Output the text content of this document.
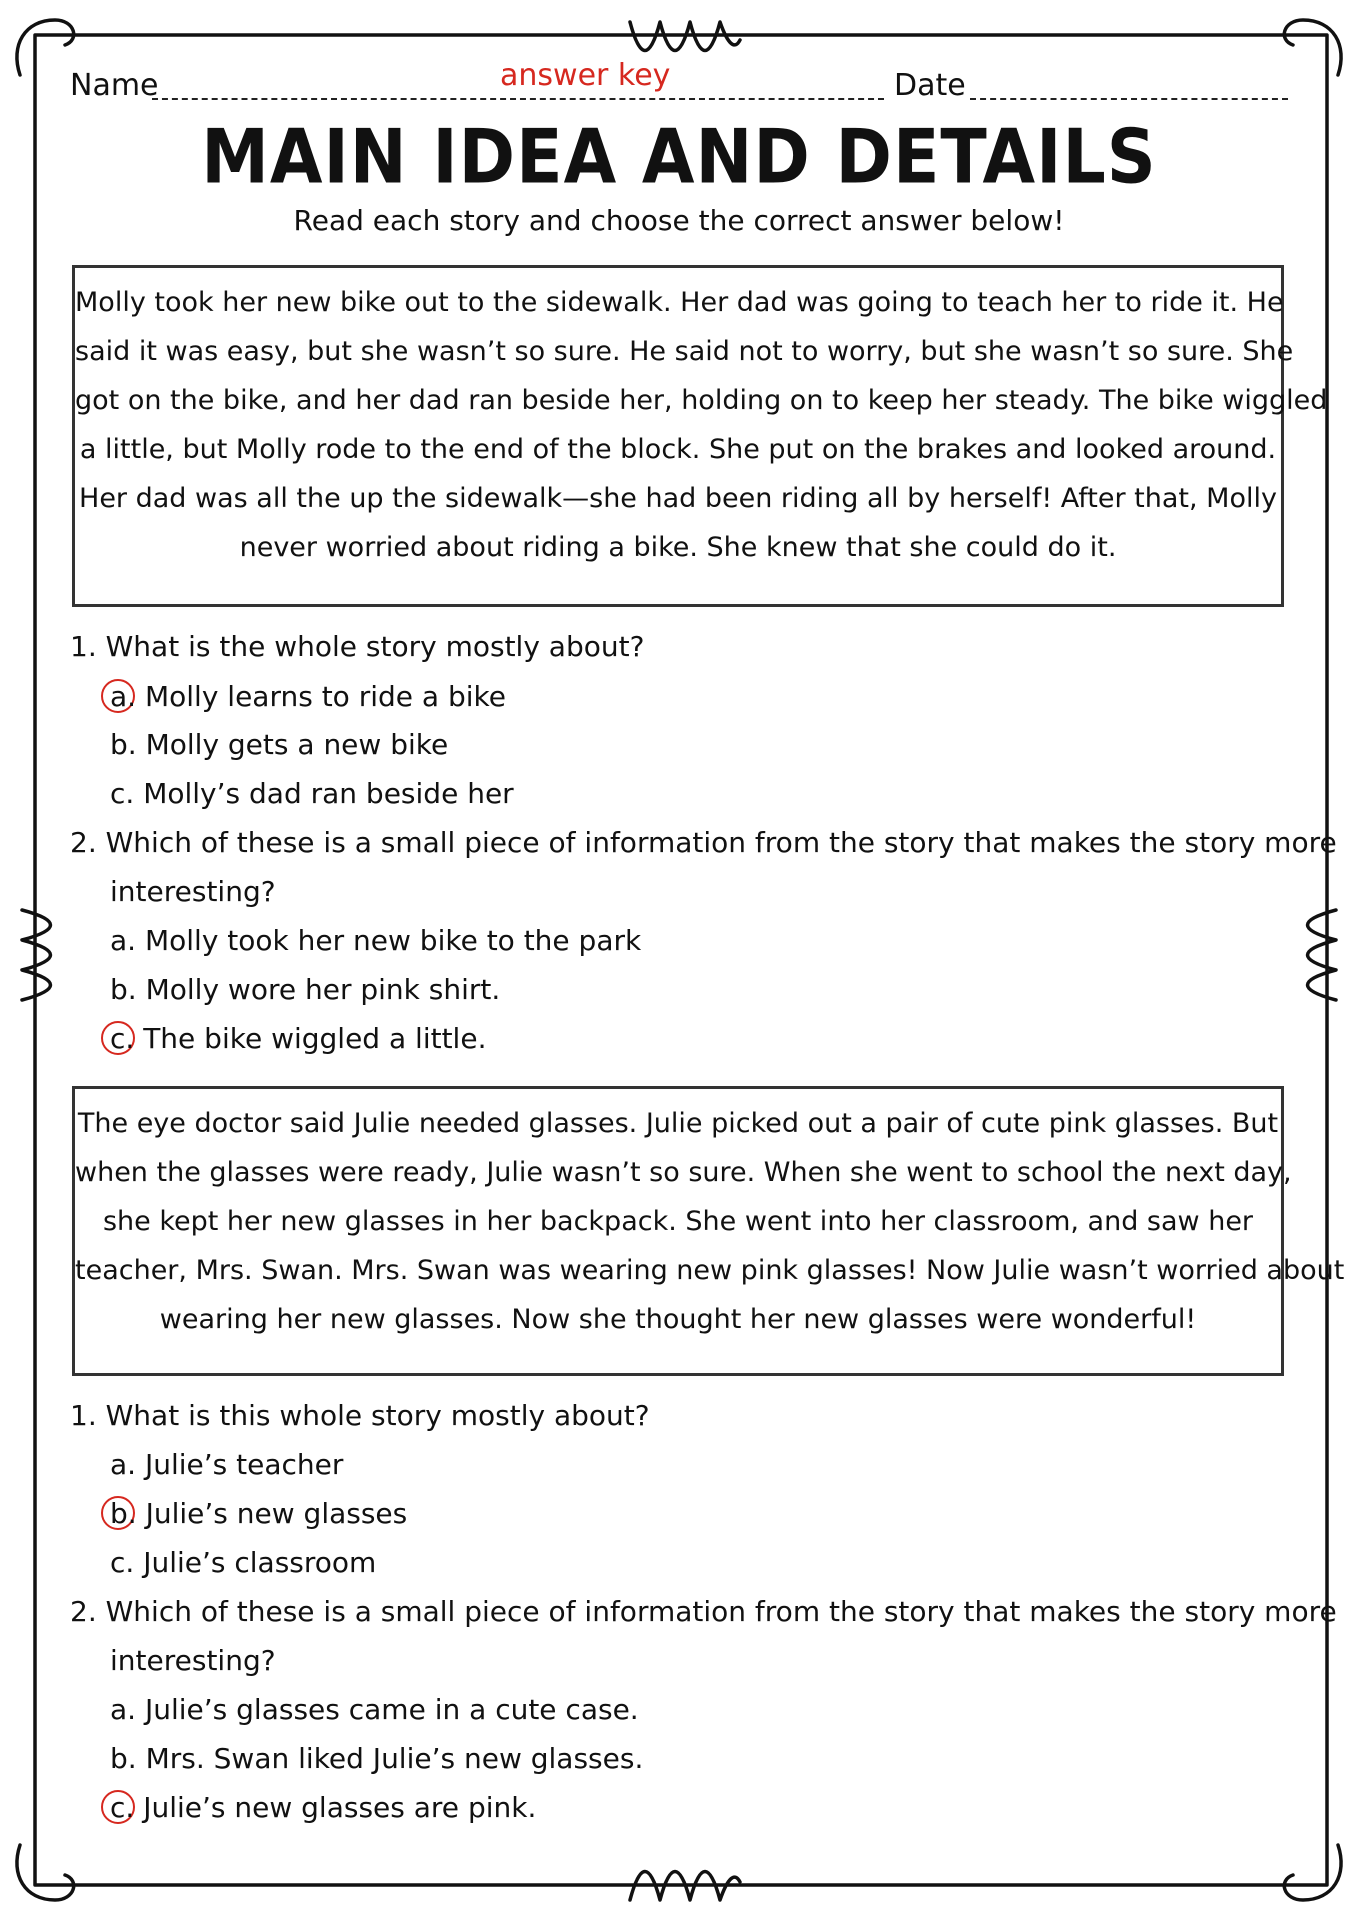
Name	answer key	Date
MAIN IDEA AND DETAILS
Read each story and choose the correct answer below!
Molly took her new bike out to the sidewalk. Her dad was going to teach her to ride it. He
said it was easy, but she wasn’t so sure. He said not to worry, but she wasn’t so sure. She
got on the bike, and her dad ran beside her, holding on to keep her steady. The bike wiggled
a little, but Molly rode to the end of the block. She put on the brakes and looked around.
Her dad was all the up the sidewalk—she had been riding all by herself! After that, Molly
never worried about riding a bike. She knew that she could do it.
1. What is the whole story mostly about?
a. Molly learns to ride a bike
b. Molly gets a new bike
c. Molly’s dad ran beside her
2. Which of these is a small piece of information from the story that makes the story more
interesting?
a. Molly took her new bike to the park
b. Molly wore her pink shirt.
c. The bike wiggled a little.
The eye doctor said Julie needed glasses. Julie picked out a pair of cute pink glasses. But
when the glasses were ready, Julie wasn’t so sure. When she went to school the next day,
she kept her new glasses in her backpack. She went into her classroom, and saw her
teacher, Mrs. Swan. Mrs. Swan was wearing new pink glasses! Now Julie wasn’t worried about
wearing her new glasses. Now she thought her new glasses were wonderful!
1. What is this whole story mostly about?
a. Julie’s teacher
b. Julie’s new glasses
c. Julie’s classroom
2. Which of these is a small piece of information from the story that makes the story more
interesting?
a. Julie’s glasses came in a cute case.
b. Mrs. Swan liked Julie’s new glasses.
c. Julie’s new glasses are pink.
